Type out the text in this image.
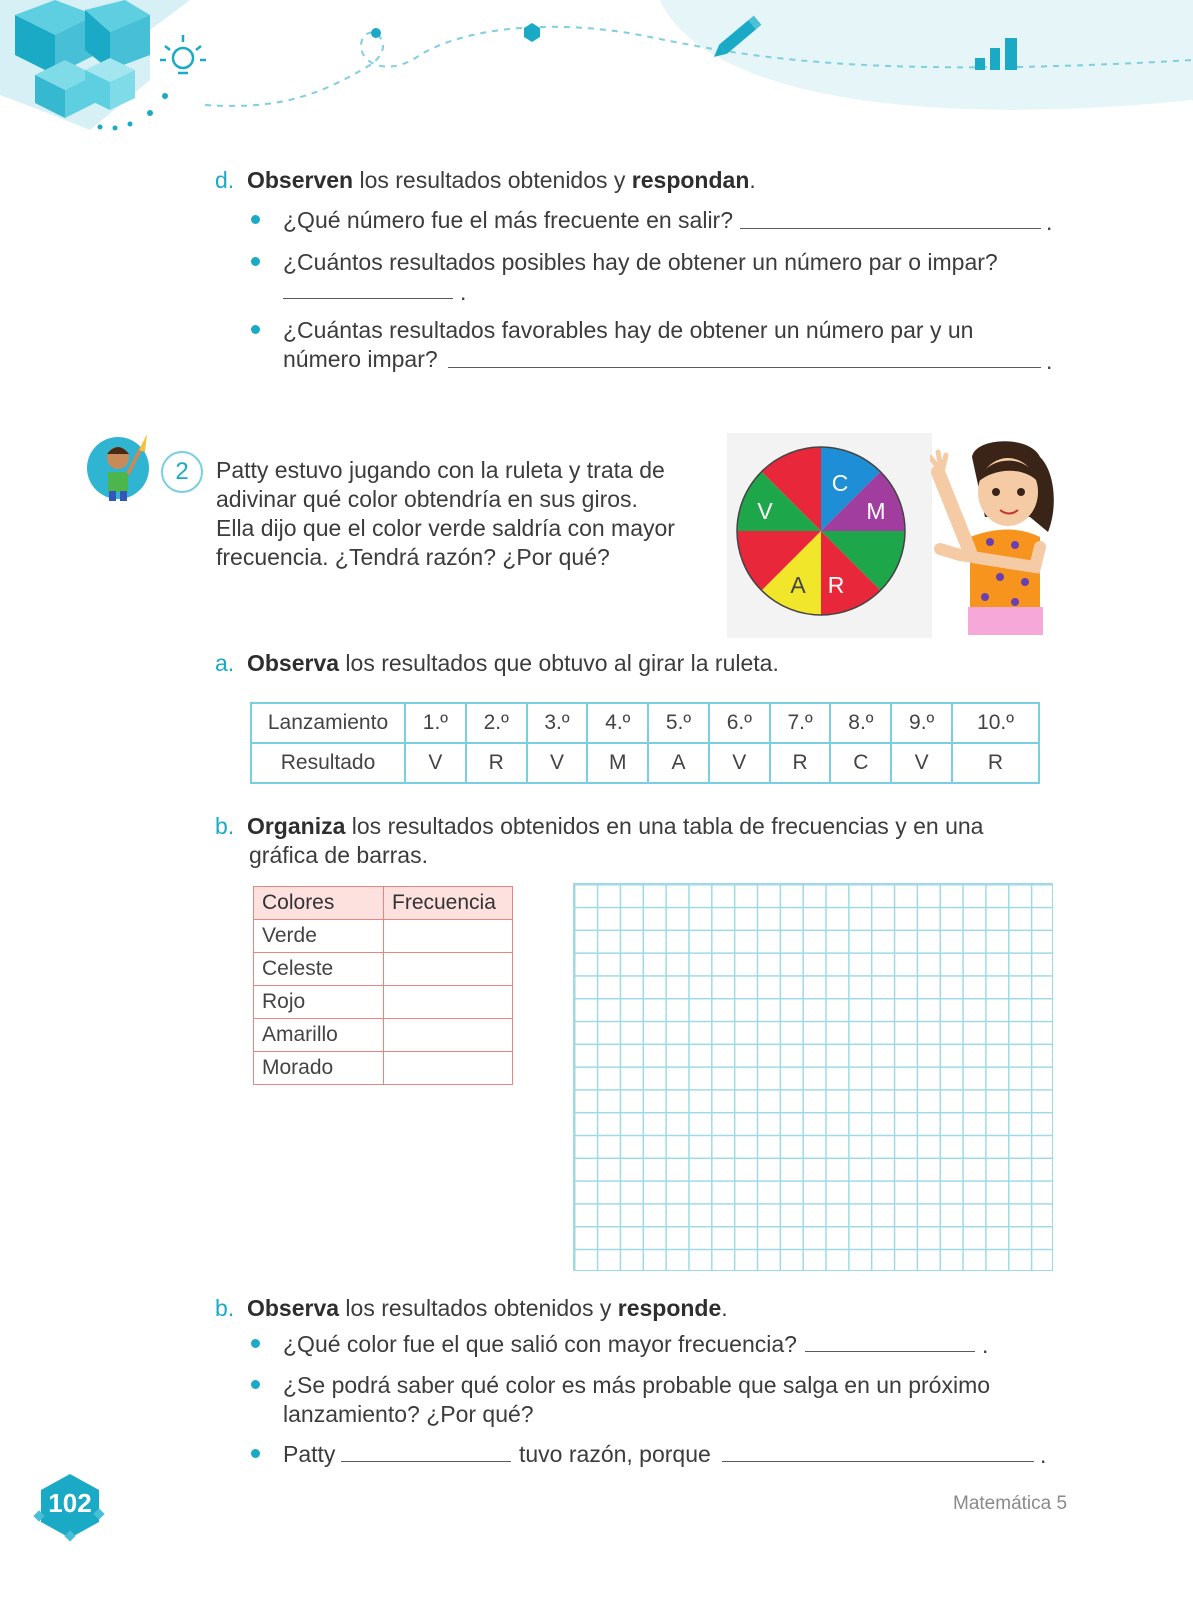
d. Observen los resultados obtenidos y respondan.
¿Qué número fue el más frecuente en salir?	.
¿Cuántos resultados posibles hay de obtener un número par o impar?
.
¿Cuántas resultados favorables hay de obtener un número par y un
número impar?	.
2	Patty estuvo jugando con la ruleta y trata de
adivinar qué color obtendría en sus giros.
Ella dijo que el color verde saldría con mayor
frecuencia. ¿Tendrá razón? ¿Por qué?
C
M
R
A
V
a. Observa los resultados que obtuvo al girar la ruleta.
Lanzamiento	1.º	2.º	3.º	4.º	5.º	6.º	7.º	8.º	9.º	10.º
Resultado	V	R	V	M	A	V	R	C	V	R
b. Organiza los resultados obtenidos en una tabla de frecuencias y en una
gráfica de barras.
Colores	Frecuencia
Verde	
Celeste	
Rojo	
Amarillo	
Morado	
b. Observa los resultados obtenidos y responde.
¿Qué color fue el que salió con mayor frecuencia?	.
¿Se podrá saber qué color es más probable que salga en un próximo
lanzamiento? ¿Por qué?
Patty	tuvo razón, porque	.
102	Matemática 5
